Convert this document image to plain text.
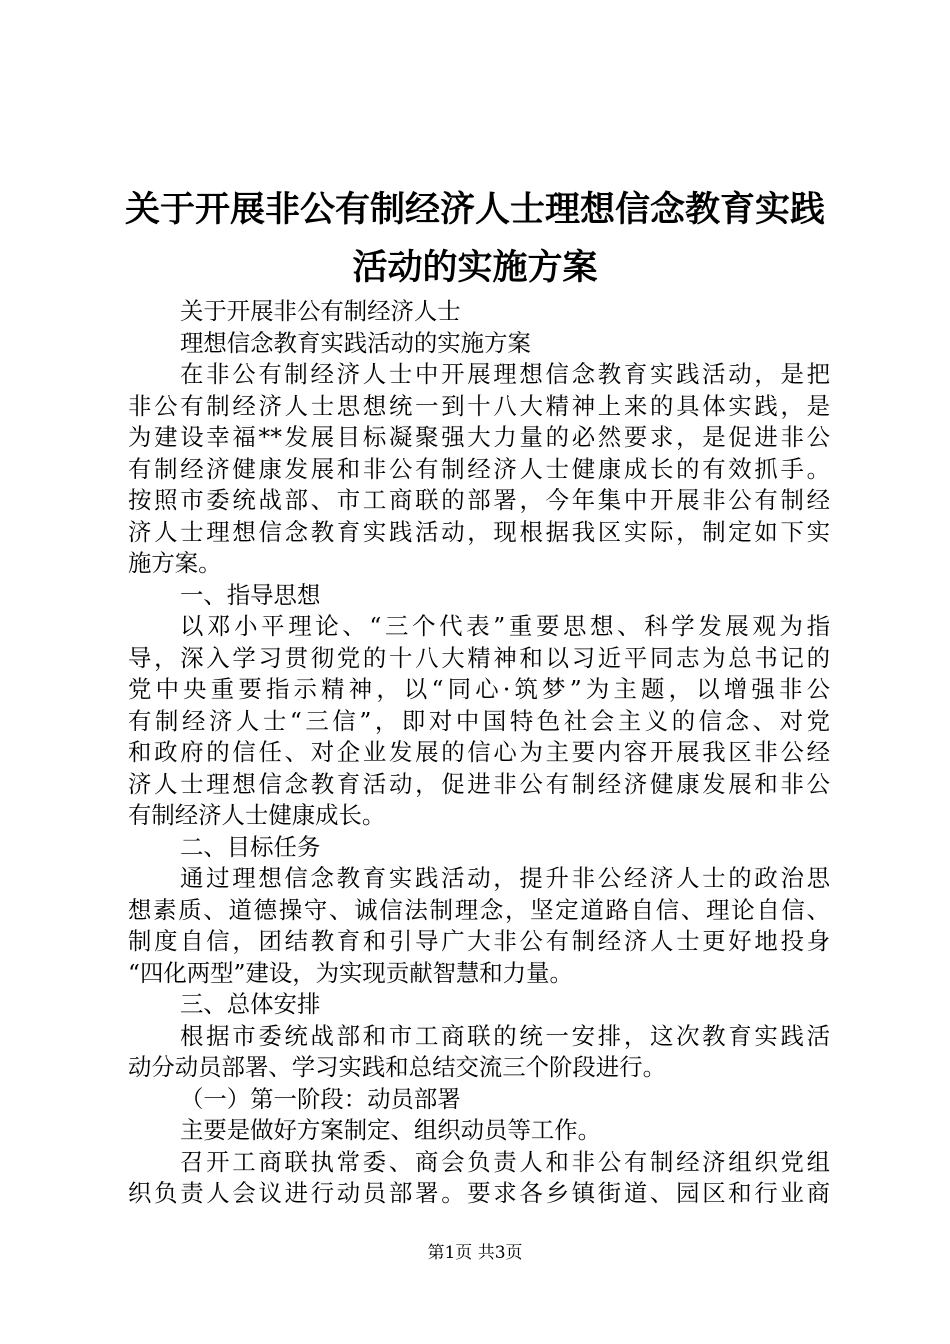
关于开展非公有制经济人士理想信念教育实践
活动的实施方案
关于开展非公有制经济人士
理想信念教育实践活动的实施方案
在非公有制经济人士中开展理想信念教育实践活动，是把
非公有制经济人士思想统一到十八大精神上来的具体实践，是
为建设幸福**发展目标凝聚强大力量的必然要求，是促进非公
有制经济健康发展和非公有制经济人士健康成长的有效抓手。
按照市委统战部、市工商联的部署，今年集中开展非公有制经
济人士理想信念教育实践活动，现根据我区实际，制定如下实
施方案。
一、指导思想
以邓小平理论、“三个代表”重要思想、科学发展观为指
导，深入学习贯彻党的十八大精神和以习近平同志为总书记的
党中央重要指示精神，以“同心·筑梦”为主题，以增强非公
有制经济人士“三信”，即对中国特色社会主义的信念、对党
和政府的信任、对企业发展的信心为主要内容开展我区非公经
济人士理想信念教育活动，促进非公有制经济健康发展和非公
有制经济人士健康成长。
二、目标任务
通过理想信念教育实践活动，提升非公经济人士的政治思
想素质、道德操守、诚信法制理念，坚定道路自信、理论自信、
制度自信，团结教育和引导广大非公有制经济人士更好地投身
“四化两型”建设，为实现贡献智慧和力量。
三、总体安排
根据市委统战部和市工商联的统一安排，这次教育实践活
动分动员部署、学习实践和总结交流三个阶段进行。
（一）第一阶段：动员部署
主要是做好方案制定、组织动员等工作。
召开工商联执常委、商会负责人和非公有制经济组织党组
织负责人会议进行动员部署。要求各乡镇街道、园区和行业商
第1页 共3页
